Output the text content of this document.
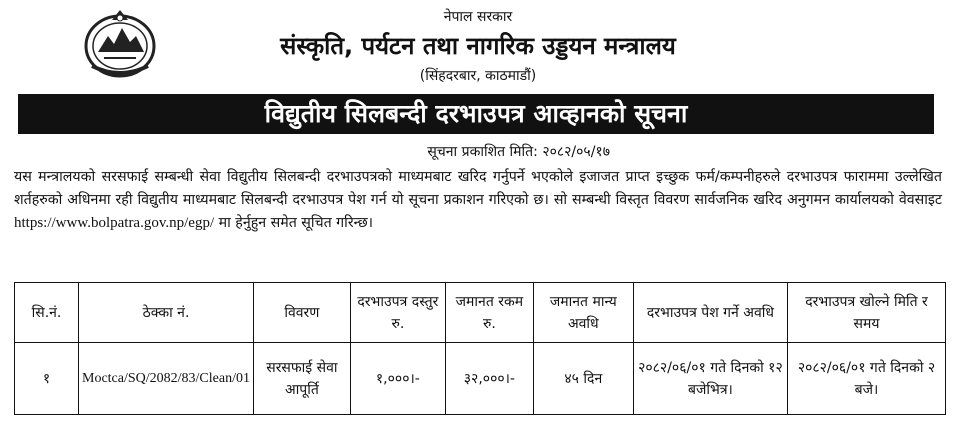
नेपाल सरकार
संस्कृति, पर्यटन तथा नागरिक उड्डयन मन्त्रालय
(सिंहदरबार, काठमाडौं)
विद्युतीय सिलबन्दी दरभाउपत्र आव्हानको सूचना
सूचना प्रकाशित मिति: २०८२/०५/१७
यस मन्त्रालयको सरसफाई सम्बन्धी सेवा विद्युतीय सिलबन्दी दरभाउपत्रको माध्यमबाट खरिद गर्नुपर्ने भएकोले इजाजत प्राप्त इच्छुक फर्म/कम्पनीहरुले दरभाउपत्र फाराममा उल्लेखित शर्तहरुको अधिनमा रही विद्युतीय माध्यमबाट सिलबन्दी दरभाउपत्र पेश गर्न यो सूचना प्रकाशन गरिएको छ। सो सम्बन्धी विस्तृत विवरण सार्वजनिक खरिद अनुगमन कार्यालयको वेवसाइट https://www.bolpatra.gov.np/egp/ मा हेर्नुहुन समेत सूचित गरिन्छ।
सि.नं.	ठेक्का नं.	विवरण	दरभाउपत्र दस्तुर रु.	जमानत रकम रु.	जमानत मान्य अवधि	दरभाउपत्र पेश गर्ने अवधि	दरभाउपत्र खोल्ने मिति र समय
१	Moctca/SQ/2082/83/Clean/01	सरसफाई सेवा आपूर्ति	१,०००।-	३२,०००।-	४५ दिन	२०८२/०६/०१ गते दिनको १२ बजेभित्र।	२०८२/०६/०१ गते दिनको २ बजे।
